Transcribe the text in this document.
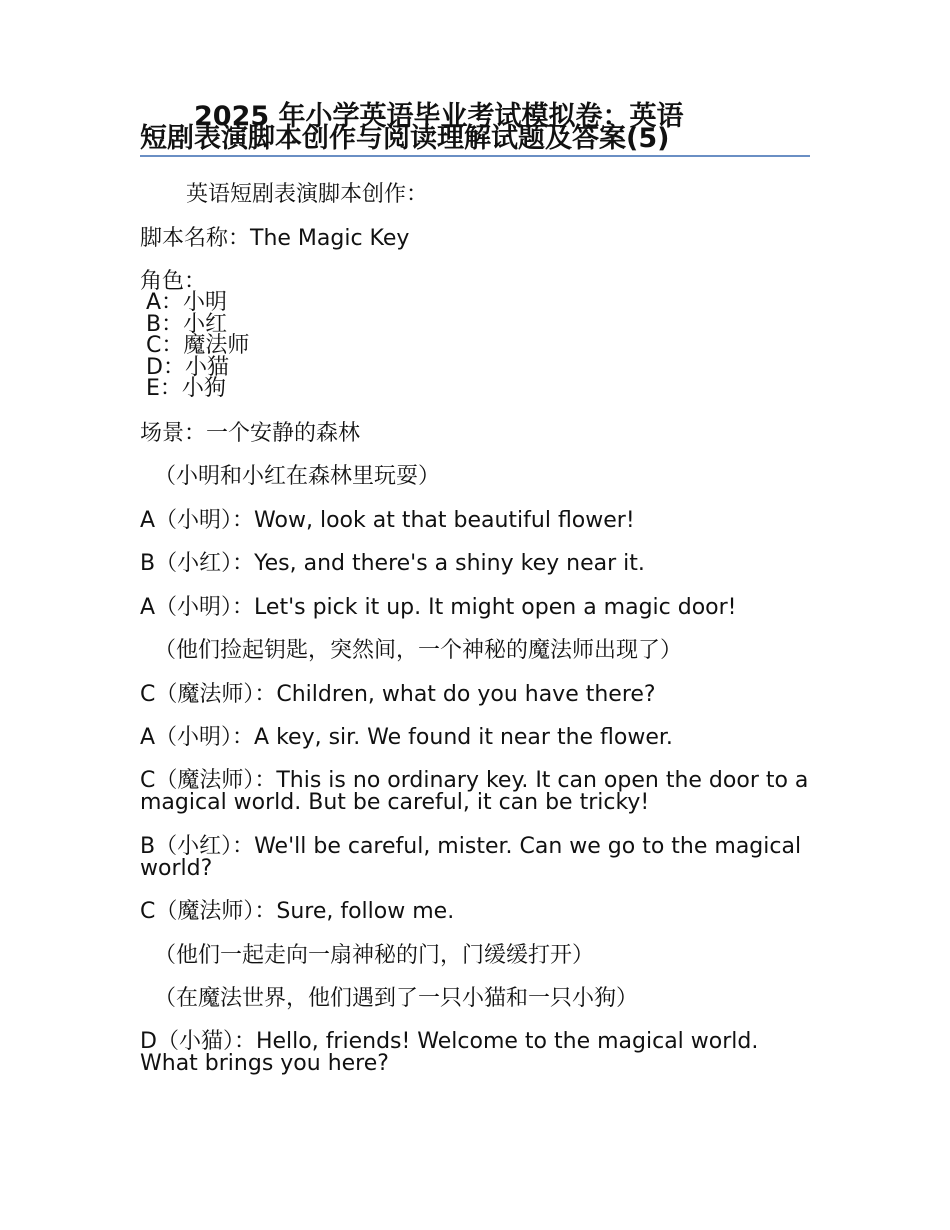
2025 年小学英语毕业考试模拟卷：英语
短剧表演脚本创作与阅读理解试题及答案(5)
英语短剧表演脚本创作：
脚本名称：The Magic Key
角色：
A：小明
B：小红
C：魔法师
D：小猫
E：小狗
场景：一个安静的森林
（小明和小红在森林里玩耍）
A（小明）：Wow, look at that beautiful flower!
B（小红）：Yes, and there's a shiny key near it.
A（小明）：Let's pick it up. It might open a magic door!
（他们捡起钥匙，突然间，一个神秘的魔法师出现了）
C（魔法师）：Children, what do you have there?
A（小明）：A key, sir. We found it near the flower.
C（魔法师）：This is no ordinary key. It can open the door to a magical world. But be careful, it can be tricky!
B（小红）：We'll be careful, mister. Can we go to the magical world?
C（魔法师）：Sure, follow me.
（他们一起走向一扇神秘的门，门缓缓打开）
（在魔法世界，他们遇到了一只小猫和一只小狗）
D（小猫）：Hello, friends! Welcome to the magical world. What brings you here?
